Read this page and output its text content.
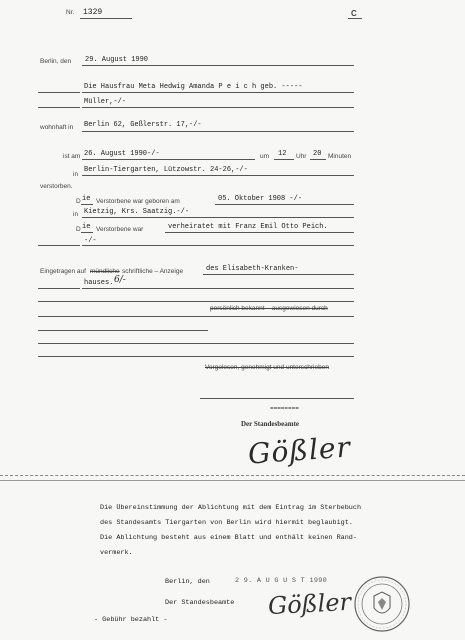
Nr. 1329	C
Berlin, den 29. August 1990
Die Hausfrau Meta Hedwig Amanda P e i c h geb. -----
Müller,-/-
wohnhaft in Berlin 62, Geßlerstr. 17,-/-
ist am 26. August 1990-/-	um 12 Uhr 20 Minuten
in
Berlin-Tiergarten, Lützowstr. 24-26,-/-
verstorben.
D ie Verstorbene war geboren am	05. Oktober 1908 -/-
in Kietzig, Krs. Saatzig.-/-
D ie Verstorbene war	verheiratet mit Franz Emil Otto Peich.
-/-
Eingetragen auf mündliche schriftliche – Anzeige	des Elisabeth-Kranken-
hauses. 6/-
persönlich bekannt – ausgewiesen durch
Vorgelesen, genehmigt und unterschrieben
========
Der Standesbeamte
Gößler
Die Übereinstimmung der Ablichtung mit dem Eintrag im Sterbebuch
des Standesamts Tiergarten von Berlin wird hiermit beglaubigt.
Die Ablichtung besteht aus einem Blatt und enthält keinen Rand-
vermerk.
Berlin, den	2 9. A U G U S T 1990
Der Standesbeamte
- Gebühr bezahlt -	Gößler
